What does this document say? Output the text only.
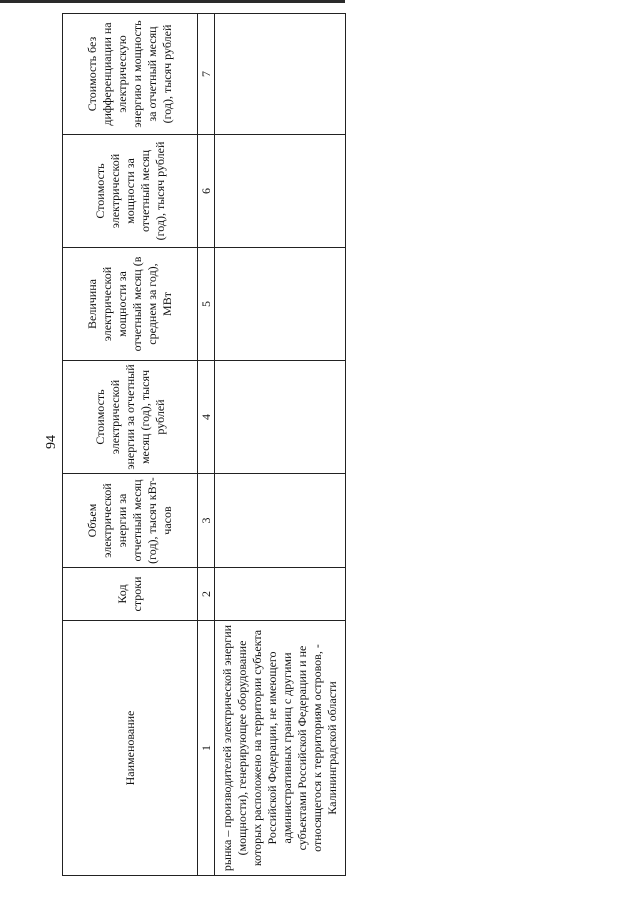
94
Наименование	Код строки	Объем электрической энергии за отчетный месяц (год), тысяч кВт-часов	Стоимость электрической энергии за отчетный месяц (год), тысяч рублей	Величина электрической мощности за отчетный месяц (в среднем за год), МВт	Стоимость электрической мощности за отчетный месяц (год), тысяч рублей	Стоимость без дифференциации на электрическую энергию и мощность за отчетный месяц (год), тысяч рублей
1	2	3	4	5	6	7
рынка – производителей электрической энергии (мощности), генерирующее оборудование которых расположено на территории субъекта Российской Федерации, не имеющего административных границ с другими субъектами Российской Федерации и не относящегося к территориям островов, - Калининградской области						
